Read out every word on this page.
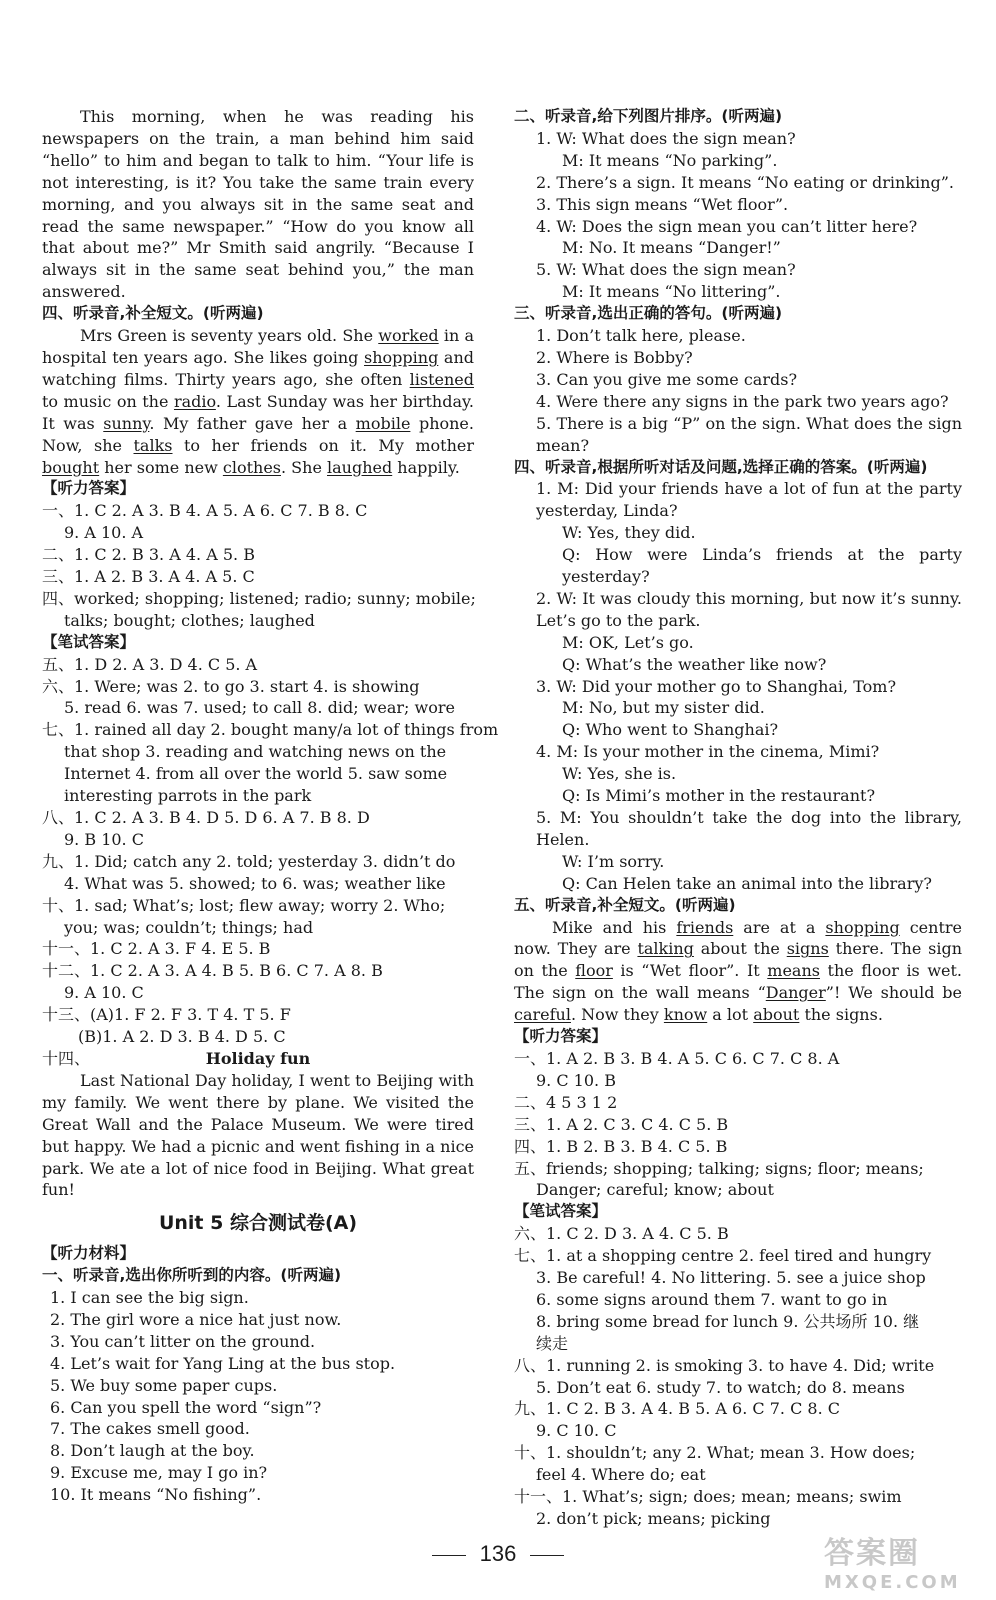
This morning, when he was reading his newspapers on the train, a man behind him said “hello” to him and began to talk to him. “Your life is not interesting, is it? You take the same train every morning, and you always sit in the same seat and read the same newspaper.” “How do you know all that about me?” Mr Smith said angrily. “Because I always sit in the same seat behind you,” the man answered.

四、听录音,补全短文。(听两遍)

Mrs Green is seventy years old. She worked in a hospital ten years ago. She likes going shopping and watching films. Thirty years ago, she often listened to music on the radio. Last Sunday was her birthday. It was sunny. My father gave her a mobile phone. Now, she talks to her friends on it. My mother bought her some new clothes. She laughed happily.

【听力答案】

一、1. C 2. A 3. B 4. A 5. A 6. C 7. B 8. C

9. A 10. A

二、1. C 2. B 3. A 4. A 5. B

三、1. A 2. B 3. A 4. A 5. C

四、worked; shopping; listened; radio; sunny; mobile;

talks; bought; clothes; laughed

【笔试答案】

五、1. D 2. A 3. D 4. C 5. A

六、1. Were; was 2. to go 3. start 4. is showing

5. read 6. was 7. used; to call 8. did; wear; wore

七、1. rained all day 2. bought many/a lot of things from

that shop 3. reading and watching news on the

Internet 4. from all over the world 5. saw some

interesting parrots in the park

八、1. C 2. A 3. B 4. D 5. D 6. A 7. B 8. D

9. B 10. C

九、1. Did; catch any 2. told; yesterday 3. didn’t do

4. What was 5. showed; to 6. was; weather like

十、1. sad; What’s; lost; flew away; worry 2. Who;

you; was; couldn’t; things; had

十一、1. C 2. A 3. F 4. E 5. B

十二、1. C 2. A 3. A 4. B 5. B 6. C 7. A 8. B

9. A 10. C

十三、(A)1. F 2. F 3. T 4. T 5. F

(B)1. A 2. D 3. B 4. D 5. C

十四、	Holiday fun

Last National Day holiday, I went to Beijing with my family. We went there by plane. We visited the Great Wall and the Palace Museum. We were tired but happy. We had a picnic and went fishing in a nice park. We ate a lot of nice food in Beijing. What great fun!

Unit 5 综合测试卷(A)

【听力材料】

一、听录音,选出你所听到的内容。(听两遍)

1. I can see the big sign.

2. The girl wore a nice hat just now.

3. You can’t litter on the ground.

4. Let’s wait for Yang Ling at the bus stop.

5. We buy some paper cups.

6. Can you spell the word “sign”?

7. The cakes smell good.

8. Don’t laugh at the boy.

9. Excuse me, may I go in?

10. It means “No fishing”.

二、听录音,给下列图片排序。(听两遍)

1. W: What does the sign mean?

M: It means “No parking”.

2. There’s a sign. It means “No eating or drinking”.

3. This sign means “Wet floor”.

4. W: Does the sign mean you can’t litter here?

M: No. It means “Danger!”

5. W: What does the sign mean?

M: It means “No littering”.

三、听录音,选出正确的答句。(听两遍)

1. Don’t talk here, please.

2. Where is Bobby?

3. Can you give me some cards?

4. Were there any signs in the park two years ago?

5. There is a big “P” on the sign. What does the sign mean?

四、听录音,根据所听对话及问题,选择正确的答案。(听两遍)

1. M: Did your friends have a lot of fun at the party yesterday, Linda?

W: Yes, they did.

Q: How were Linda’s friends at the party yesterday?

2. W: It was cloudy this morning, but now it’s sunny. Let’s go to the park.

M: OK, Let’s go.

Q: What’s the weather like now?

3. W: Did your mother go to Shanghai, Tom?

M: No, but my sister did.

Q: Who went to Shanghai?

4. M: Is your mother in the cinema, Mimi?

W: Yes, she is.

Q: Is Mimi’s mother in the restaurant?

5. M: You shouldn’t take the dog into the library, Helen.

W: I’m sorry.

Q: Can Helen take an animal into the library?

五、听录音,补全短文。(听两遍)

Mike and his friends are at a shopping centre now. They are talking about the signs there. The sign on the floor is “Wet floor”. It means the floor is wet. The sign on the wall means “Danger”! We should be careful. Now they know a lot about the signs.

【听力答案】

一、1. A 2. B 3. B 4. A 5. C 6. C 7. C 8. A

9. C 10. B

二、4 5 3 1 2

三、1. A 2. C 3. C 4. C 5. B

四、1. B 2. B 3. B 4. C 5. B

五、friends; shopping; talking; signs; floor; means;

Danger; careful; know; about

【笔试答案】

六、1. C 2. D 3. A 4. C 5. B

七、1. at a shopping centre 2. feel tired and hungry

3. Be careful! 4. No littering. 5. see a juice shop

6. some signs around them 7. want to go in

8. bring some bread for lunch 9. 公共场所 10. 继

续走

八、1. running 2. is smoking 3. to have 4. Did; write

5. Don’t eat 6. study 7. to watch; do 8. means

九、1. C 2. B 3. A 4. B 5. A 6. C 7. C 8. C

9. C 10. C

十、1. shouldn’t; any 2. What; mean 3. How does;

feel 4. Where do; eat

十一、1. What’s; sign; does; mean; means; swim

2. don’t pick; means; picking

136	答案圈
MXQE.COM
